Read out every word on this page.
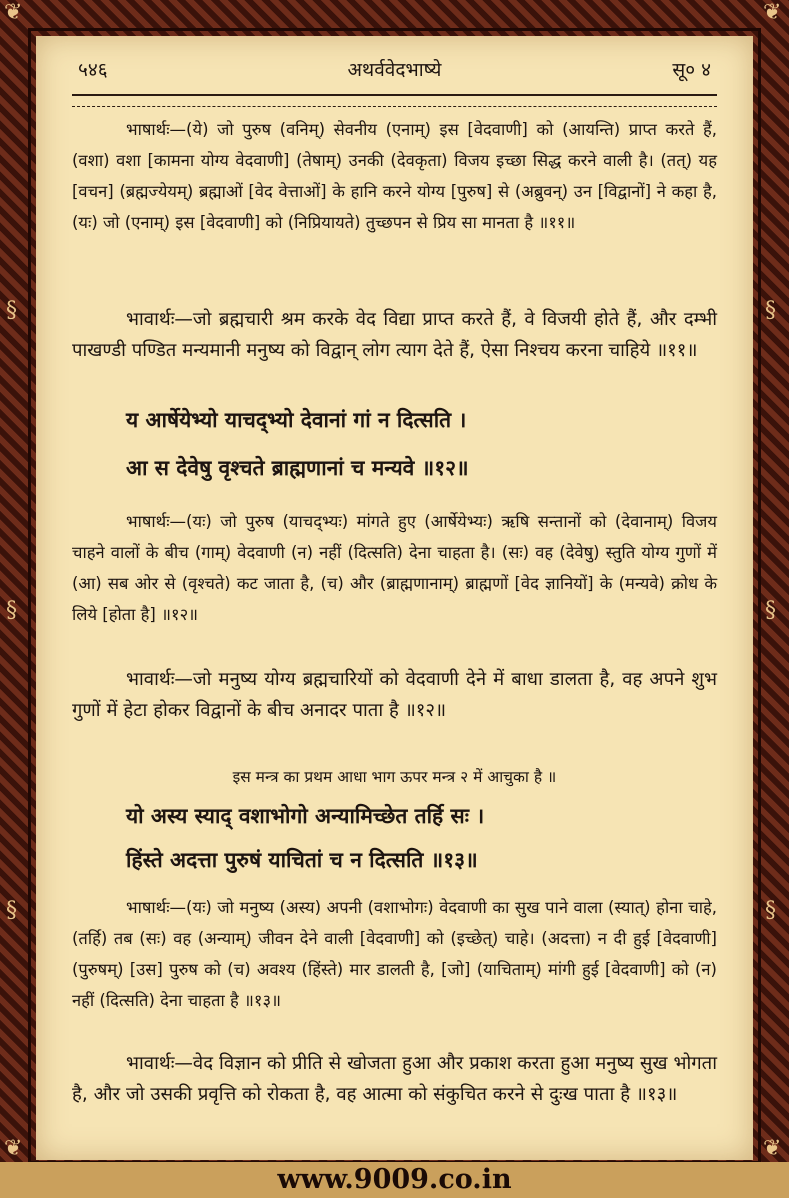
❦	❦
❦	❦
§
§
§
§
§
§
५४६	अथर्ववेदभाष्ये	सू० ४

भाषार्थः—(ये) जो पुरुष (वनिम्) सेवनीय (एनाम्) इस [वेदवाणी] को (आयन्ति) प्राप्त करते हैं, (वशा) वशा [कामना योग्य वेदवाणी] (तेषाम्) उनकी (देवकृता) विजय इच्छा सिद्ध करने वाली है। (तत्) यह [वचन] (ब्रह्मज्येयम्) ब्रह्माओं [वेद वेत्ताओं] के हानि करने योग्य [पुरुष] से (अब्रुवन्) उन [विद्वानों] ने कहा है, (यः) जो (एनाम्) इस [वेदवाणी] को (निप्रियायते) तुच्छपन से प्रिय सा मानता है ॥११॥

भावार्थः—जो ब्रह्मचारी श्रम करके वेद विद्या प्राप्त करते हैं, वे विजयी होते हैं, और दम्भी पाखण्डी पण्डित मन्यमानी मनुष्य को विद्वान् लोग त्याग देते हैं, ऐसा निश्चय करना चाहिये ॥११॥

य आर्षेयेभ्यो याचद्भ्यो देवानां गां न दित्सति ।

आ स देवेषु वृश्चते ब्राह्मणानां च मन्यवे ॥१२॥

भाषार्थः—(यः) जो पुरुष (याचद्भ्यः) मांगते हुए (आर्षेयेभ्यः) ऋषि सन्तानों को (देवानाम्) विजय चाहने वालों के बीच (गाम्) वेदवाणी (न) नहीं (दित्सति) देना चाहता है। (सः) वह (देवेषु) स्तुति योग्य गुणों में (आ) सब ओर से (वृश्चते) कट जाता है, (च) और (ब्राह्मणानाम्) ब्राह्मणों [वेद ज्ञानियों] के (मन्यवे) क्रोध के लिये [होता है] ॥१२॥

भावार्थः—जो मनुष्य योग्य ब्रह्मचारियों को वेदवाणी देने में बाधा डालता है, वह अपने शुभ गुणों में हेटा होकर विद्वानों के बीच अनादर पाता है ॥१२॥

इस मन्त्र का प्रथम आधा भाग ऊपर मन्त्र २ में आचुका है ॥

यो अस्य स्याद् वशाभोगो अन्यामिच्छेत तर्हि सः ।

हिंस्ते अदत्ता पुरुषं याचितां च न दित्सति ॥१३॥

भाषार्थः—(यः) जो मनुष्य (अस्य) अपनी (वशाभोगः) वेदवाणी का सुख पाने वाला (स्यात्) होना चाहे, (तर्हि) तब (सः) वह (अन्याम्) जीवन देने वाली [वेदवाणी] को (इच्छेत्) चाहे। (अदत्ता) न दी हुई [वेदवाणी] (पुरुषम्) [उस] पुरुष को (च) अवश्य (हिंस्ते) मार डालती है, [जो] (याचिताम्) मांगी हुई [वेदवाणी] को (न) नहीं (दित्सति) देना चाहता है ॥१३॥

भावार्थः—वेद विज्ञान को प्रीति से खोजता हुआ और प्रकाश करता हुआ मनुष्य सुख भोगता है, और जो उसकी प्रवृत्ति को रोकता है, वह आत्मा को संकुचित करने से दुःख पाता है ॥१३॥

www.9009.co.in
